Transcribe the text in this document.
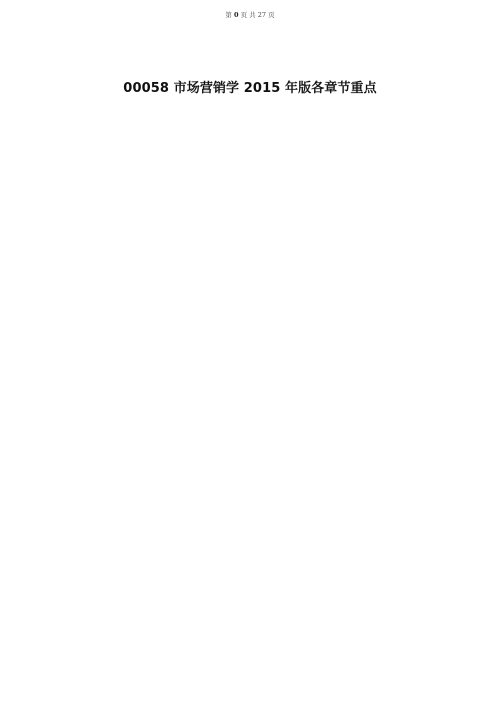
第 0 页 共 27 页
00058 市场营销学 2015 年版各章节重点
